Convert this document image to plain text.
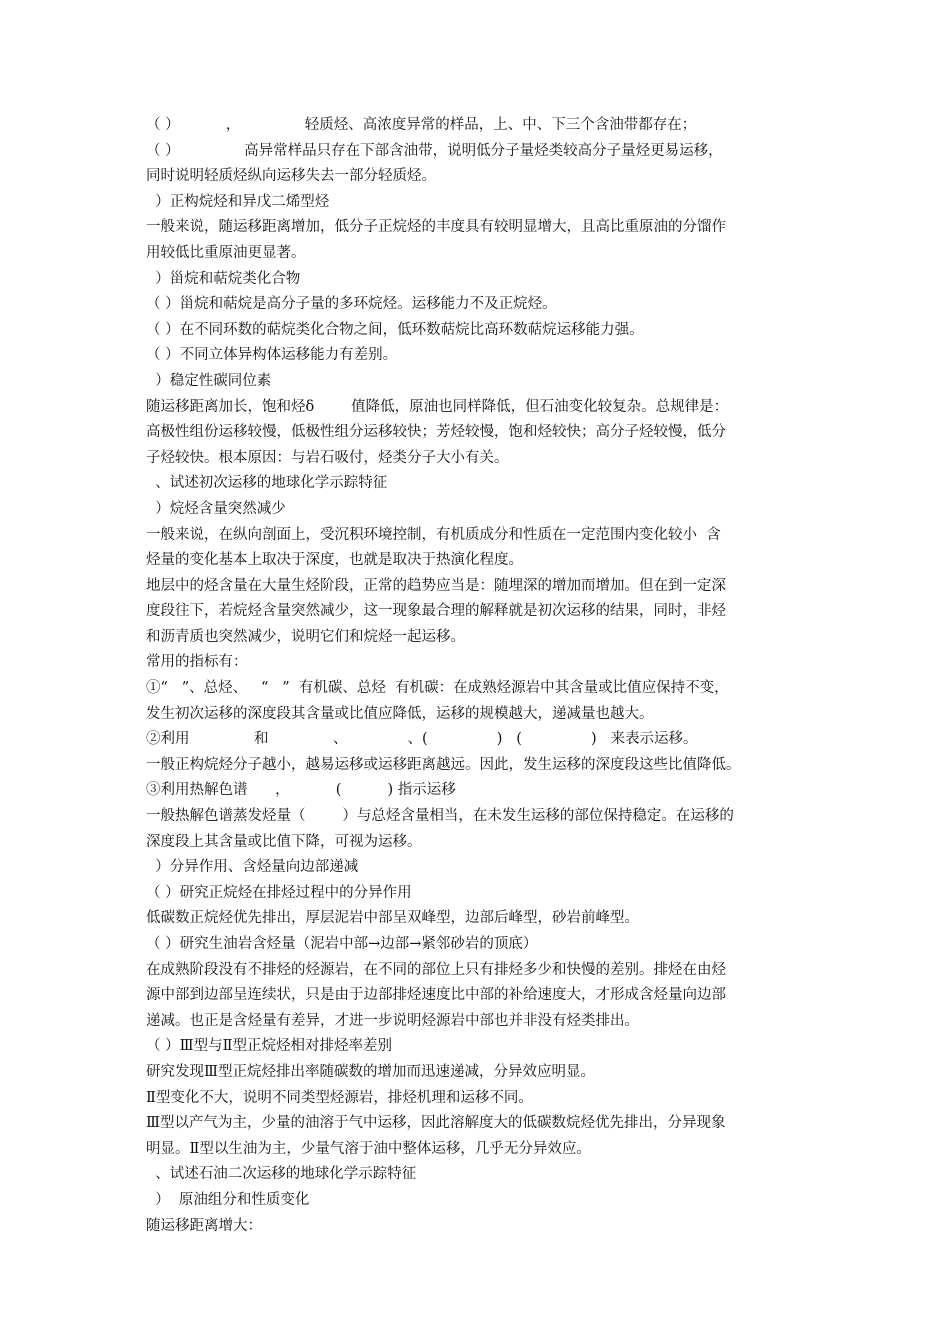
（ ）          ，              轻质烃、高浓度异常的样品，上、中、下三个含油带都存在；
（ ）              高异常样品只存在下部含油带，说明低分子量烃类较高分子量烃更易运移，
同时说明轻质烃纵向运移失去一部分轻质烃。
）正构烷烃和异戊二烯型烃
一般来说，随运移距离增加，低分子正烷烃的丰度具有较明显增大，且高比重原油的分馏作
用较低比重原油更显著。
）甾烷和萜烷类化合物
（ ）甾烷和萜烷是高分子量的多环烷烃。运移能力不及正烷烃。
（ ）在不同环数的萜烷类化合物之间，低环数萜烷比高环数萜烷运移能力强。
（ ）不同立体异构体运移能力有差别。
）稳定性碳同位素
随运移距离加长，饱和烃δ        值降低，原油也同样降低，但石油变化较复杂。总规律是：
高极性组份运移较慢，低极性组分运移较快；芳烃较慢，饱和烃较快；高分子烃较慢，低分
子烃较快。根本原因：与岩石吸付，烃类分子大小有关。
、试述初次运移的地球化学示踪特征
）烷烃含量突然减少
一般来说，在纵向剖面上，受沉积环境控制，有机质成分和性质在一定范围内变化较小  含
烃量的变化基本上取决于深度，也就是取决于热演化程度。
地层中的烃含量在大量生烃阶段，正常的趋势应当是：随埋深的增加而增加。但在到一定深
度段往下，若烷烃含量突然减少，这一现象最合理的解释就是初次运移的结果，同时，非烃
和沥青质也突然减少，说明它们和烷烃一起运移。
常用的指标有：
①“   ”、总烃、   “   ”  有机碳、总烃  有机碳：在成熟烃源岩中其含量或比值应保持不变，
发生初次运移的深度段其含量或比值应降低，运移的规模越大，递减量也越大。
②利用              和              、             、(               )   (               )   来表示运移。
一般正构烷烃分子越小，越易运移或运移距离越远。因此，发生运移的深度段这些比值降低。
③利用热解色谱      ，          (          ) 指示运移
一般热解色谱蒸发烃量（        ）与总烃含量相当，在未发生运移的部位保持稳定。在运移的
深度段上其含量或比值下降，可视为运移。
）分异作用、含烃量向边部递减
（ ）研究正烷烃在排烃过程中的分异作用
低碳数正烷烃优先排出，厚层泥岩中部呈双峰型，边部后峰型，砂岩前峰型。
（ ）研究生油岩含烃量（泥岩中部→边部→紧邻砂岩的顶底）
在成熟阶段没有不排烃的烃源岩，在不同的部位上只有排烃多少和快慢的差别。排烃在由烃
源中部到边部呈连续状，只是由于边部排烃速度比中部的补给速度大，才形成含烃量向边部
递减。也正是含烃量有差异，才进一步说明烃源岩中部也并非没有烃类排出。
（ ）Ⅲ型与Ⅱ型正烷烃相对排烃率差别
研究发现Ⅲ型正烷烃排出率随碳数的增加而迅速递减，分异效应明显。
Ⅱ型变化不大，说明不同类型烃源岩，排烃机理和运移不同。
Ⅲ型以产气为主，少量的油溶于气中运移，因此溶解度大的低碳数烷烃优先排出，分异现象
明显。Ⅱ型以生油为主，少量气溶于油中整体运移，几乎无分异效应。
、试述石油二次运移的地球化学示踪特征
）  原油组分和性质变化
随运移距离增大：
